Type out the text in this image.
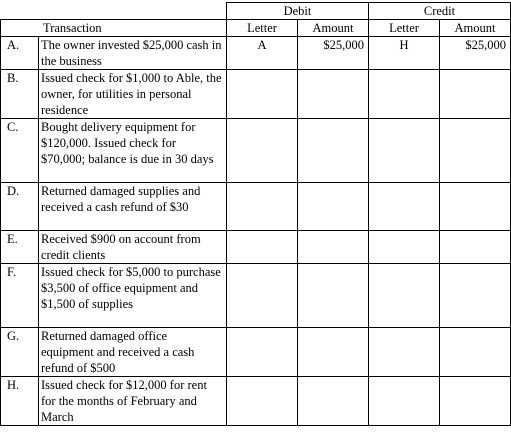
		Debit		Credit	
Transaction		Letter	Amount	Letter	Amount
A.	The owner invested $25,000 cash in the business	A	$25,000	H	$25,000
B.	Issued check for $1,000 to Able, the owner, for utilities in personal residence				
C.	Bought delivery equipment for $120,000. Issued check for $70,000; balance is due in 30 days				
D.	Returned damaged supplies and received a cash refund of $30				
E.	Received $900 on account from credit clients				
F.	Issued check for $5,000 to purchase $3,500 of office equipment and $1,500 of supplies				
G.	Returned damaged office equipment and received a cash refund of $500				
H.	Issued check for $12,000 for rent for the months of February and March				
